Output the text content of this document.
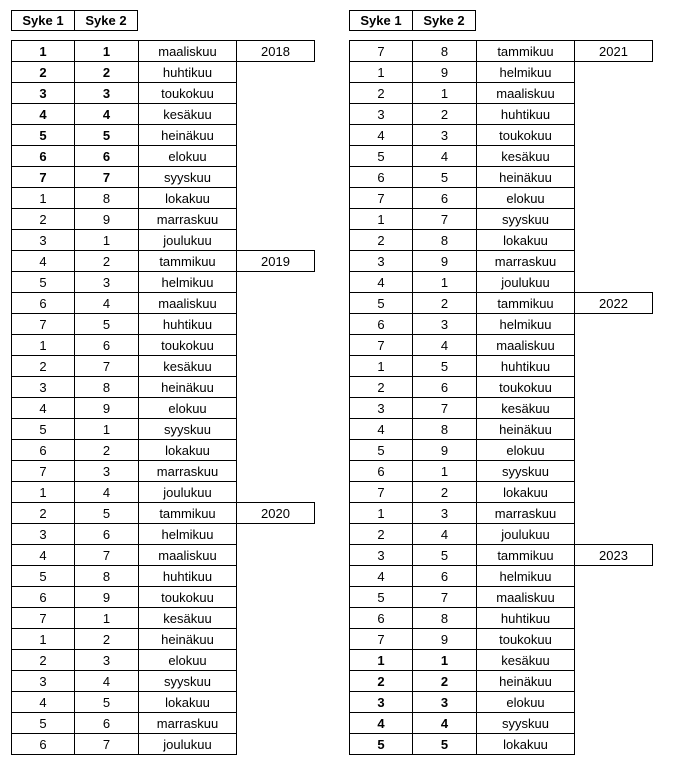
Syke 1	Syke 2	Syke 1	Syke 2
1	1	maaliskuu	2018
2	2	huhtikuu
3	3	toukokuu
4	4	kesäkuu
5	5	heinäkuu
6	6	elokuu
7	7	syyskuu
1	8	lokakuu
2	9	marraskuu
3	1	joulukuu
4	2	tammikuu	2019
5	3	helmikuu
6	4	maaliskuu
7	5	huhtikuu
1	6	toukokuu
2	7	kesäkuu
3	8	heinäkuu
4	9	elokuu
5	1	syyskuu
6	2	lokakuu
7	3	marraskuu
1	4	joulukuu
2	5	tammikuu	2020
3	6	helmikuu
4	7	maaliskuu
5	8	huhtikuu
6	9	toukokuu
7	1	kesäkuu
1	2	heinäkuu
2	3	elokuu
3	4	syyskuu
4	5	lokakuu
5	6	marraskuu
6	7	joulukuu
7	8	tammikuu	2021
1	9	helmikuu
2	1	maaliskuu
3	2	huhtikuu
4	3	toukokuu
5	4	kesäkuu
6	5	heinäkuu
7	6	elokuu
1	7	syyskuu
2	8	lokakuu
3	9	marraskuu
4	1	joulukuu
5	2	tammikuu	2022
6	3	helmikuu
7	4	maaliskuu
1	5	huhtikuu
2	6	toukokuu
3	7	kesäkuu
4	8	heinäkuu
5	9	elokuu
6	1	syyskuu
7	2	lokakuu
1	3	marraskuu
2	4	joulukuu
3	5	tammikuu	2023
4	6	helmikuu
5	7	maaliskuu
6	8	huhtikuu
7	9	toukokuu
1	1	kesäkuu
2	2	heinäkuu
3	3	elokuu
4	4	syyskuu
5	5	lokakuu
